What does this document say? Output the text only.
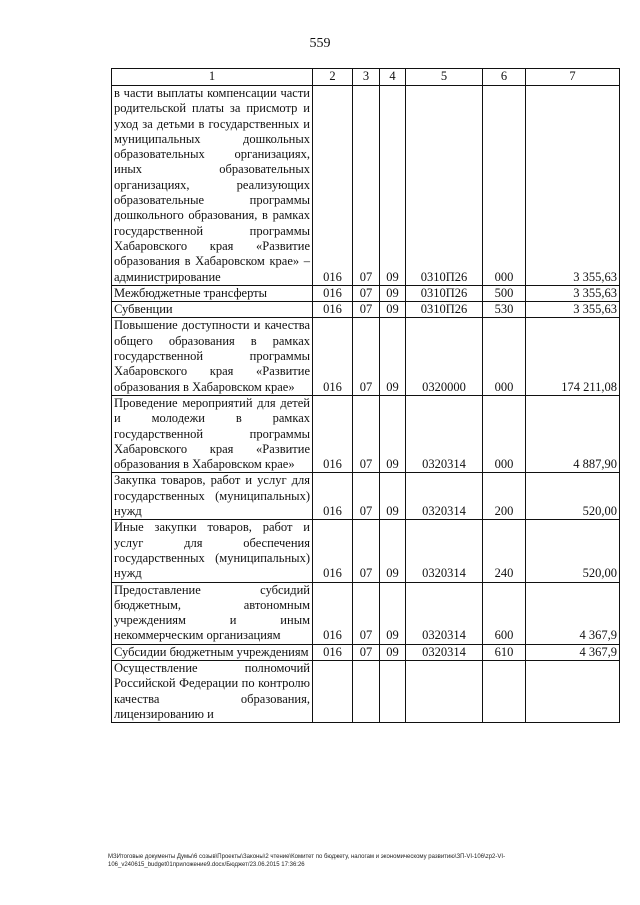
559
1	2	3	4	5	6	7
в части выплаты компенсации части родительской платы за присмотр и уход за детьми в государственных и муниципальных дошкольных образовательных организациях, иных образовательных организациях, реализующих образовательные программы дошкольного образования, в рамках государственной программы Хабаровского края «Развитие образования в Хабаровском крае» – администрирование	016	07	09	0310П26	000	3 355,63
Межбюджетные трансферты	016	07	09	0310П26	500	3 355,63
Субвенции	016	07	09	0310П26	530	3 355,63
Повышение доступности и качества общего образования в рамках государственной программы Хабаровского края «Развитие образования в Хабаровском крае»	016	07	09	0320000	000	174 211,08
Проведение мероприятий для детей и молодежи в рамках государственной программы Хабаровского края «Развитие образования в Хабаровском крае»	016	07	09	0320314	000	4 887,90
Закупка товаров, работ и услуг для государственных (муниципальных) нужд	016	07	09	0320314	200	520,00
Иные закупки товаров, работ и услуг для обеспечения государственных (муниципальных) нужд	016	07	09	0320314	240	520,00
Предоставление субсидий бюджетным, автономным учреждениям и иным некоммерческим организациям	016	07	09	0320314	600	4 367,9
Субсидии бюджетным учреждениям	016	07	09	0320314	610	4 367,9
Осуществление полномочий Российской Федерации по контролю качества образования, лицензированию и						
МЗИтоговые документы Думы\6 созыв\Проекты\Законы\2 чтение\Комитет по бюджету, налогам и экономическому развитию\ЗП-VI-106\zp2-VI-106_v240615_budget01приложение9.docx/Бюджет/23.06.2015 17:36:26
